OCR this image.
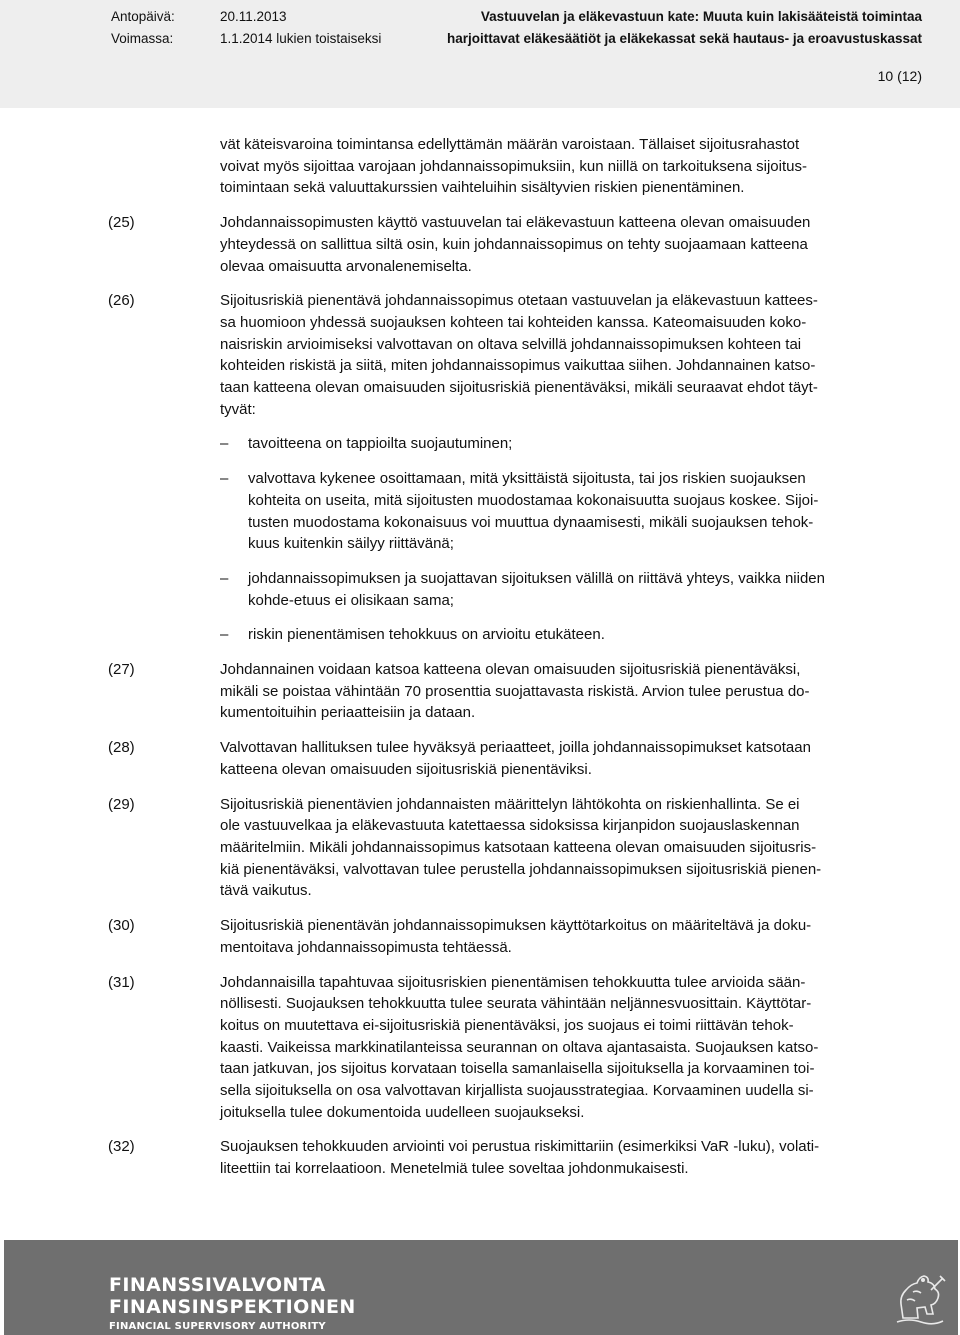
Antopäivä:	20.11.2013
Voimassa:	1.1.2014 lukien toistaiseksi
Vastuuvelan ja eläkevastuun kate: Muuta kuin lakisääteistä toimintaa
harjoittavat eläkesäätiöt ja eläkekassat sekä hautaus- ja eroavustuskassat
10 (12)
vät käteisvaroina toimintansa edellyttämän määrän varoistaan. Tällaiset sijoitusrahastot
voivat myös sijoittaa varojaan johdannaissopimuksiin, kun niillä on tarkoituksena sijoitus-
toimintaan sekä valuuttakurssien vaihteluihin sisältyvien riskien pienentäminen.
(25)	Johdannaissopimusten käyttö vastuuvelan tai eläkevastuun katteena olevan omaisuuden
yhteydessä on sallittua siltä osin, kuin johdannaissopimus on tehty suojaamaan katteena
olevaa omaisuutta arvonalenemiselta.
(26)	Sijoitusriskiä pienentävä johdannaissopimus otetaan vastuuvelan ja eläkevastuun kattees-
sa huomioon yhdessä suojauksen kohteen tai kohteiden kanssa. Kateomaisuuden koko-
naisriskin arvioimiseksi valvottavan on oltava selvillä johdannaissopimuksen kohteen tai
kohteiden riskistä ja siitä, miten johdannaissopimus vaikuttaa siihen. Johdannainen katso-
taan katteena olevan omaisuuden sijoitusriskiä pienentäväksi, mikäli seuraavat ehdot täyt-
tyvät:
– tavoitteena on tappioilta suojautuminen;
– valvottava kykenee osoittamaan, mitä yksittäistä sijoitusta, tai jos riskien suojauksen
kohteita on useita, mitä sijoitusten muodostamaa kokonaisuutta suojaus koskee. Sijoi-
tusten muodostama kokonaisuus voi muuttua dynaamisesti, mikäli suojauksen tehok-
kuus kuitenkin säilyy riittävänä;
– johdannaissopimuksen ja suojattavan sijoituksen välillä on riittävä yhteys, vaikka niiden
kohde-etuus ei olisikaan sama;
– riskin pienentämisen tehokkuus on arvioitu etukäteen.
(27)	Johdannainen voidaan katsoa katteena olevan omaisuuden sijoitusriskiä pienentäväksi,
mikäli se poistaa vähintään 70 prosenttia suojattavasta riskistä. Arvion tulee perustua do-
kumentoituihin periaatteisiin ja dataan.
(28)	Valvottavan hallituksen tulee hyväksyä periaatteet, joilla johdannaissopimukset katsotaan
katteena olevan omaisuuden sijoitusriskiä pienentäviksi.
(29)	Sijoitusriskiä pienentävien johdannaisten määrittelyn lähtökohta on riskienhallinta. Se ei
ole vastuuvelkaa ja eläkevastuuta katettaessa sidoksissa kirjanpidon suojauslaskennan
määritelmiin. Mikäli johdannaissopimus katsotaan katteena olevan omaisuuden sijoitusris-
kiä pienentäväksi, valvottavan tulee perustella johdannaissopimuksen sijoitusriskiä pienen-
tävä vaikutus.
(30)	Sijoitusriskiä pienentävän johdannaissopimuksen käyttötarkoitus on määriteltävä ja doku-
mentoitava johdannaissopimusta tehtäessä.
(31)	Johdannaisilla tapahtuvaa sijoitusriskien pienentämisen tehokkuutta tulee arvioida sään-
nöllisesti. Suojauksen tehokkuutta tulee seurata vähintään neljännesvuosittain. Käyttötar-
koitus on muutettava ei-sijoitusriskiä pienentäväksi, jos suojaus ei toimi riittävän tehok-
kaasti. Vaikeissa markkinatilanteissa seurannan on oltava ajantasaista. Suojauksen katso-
taan jatkuvan, jos sijoitus korvataan toisella samanlaisella sijoituksella ja korvaaminen toi-
sella sijoituksella on osa valvottavan kirjallista suojausstrategiaa. Korvaaminen uudella si-
joituksella tulee dokumentoida uudelleen suojaukseksi.
(32)	Suojauksen tehokkuuden arviointi voi perustua riskimittariin (esimerkiksi VaR -luku), volati-
liteettiin tai korrelaatioon. Menetelmiä tulee soveltaa johdonmukaisesti.
FINANSSIVALVONTA
FINANSINSPEKTIONEN
FINANCIAL SUPERVISORY AUTHORITY
